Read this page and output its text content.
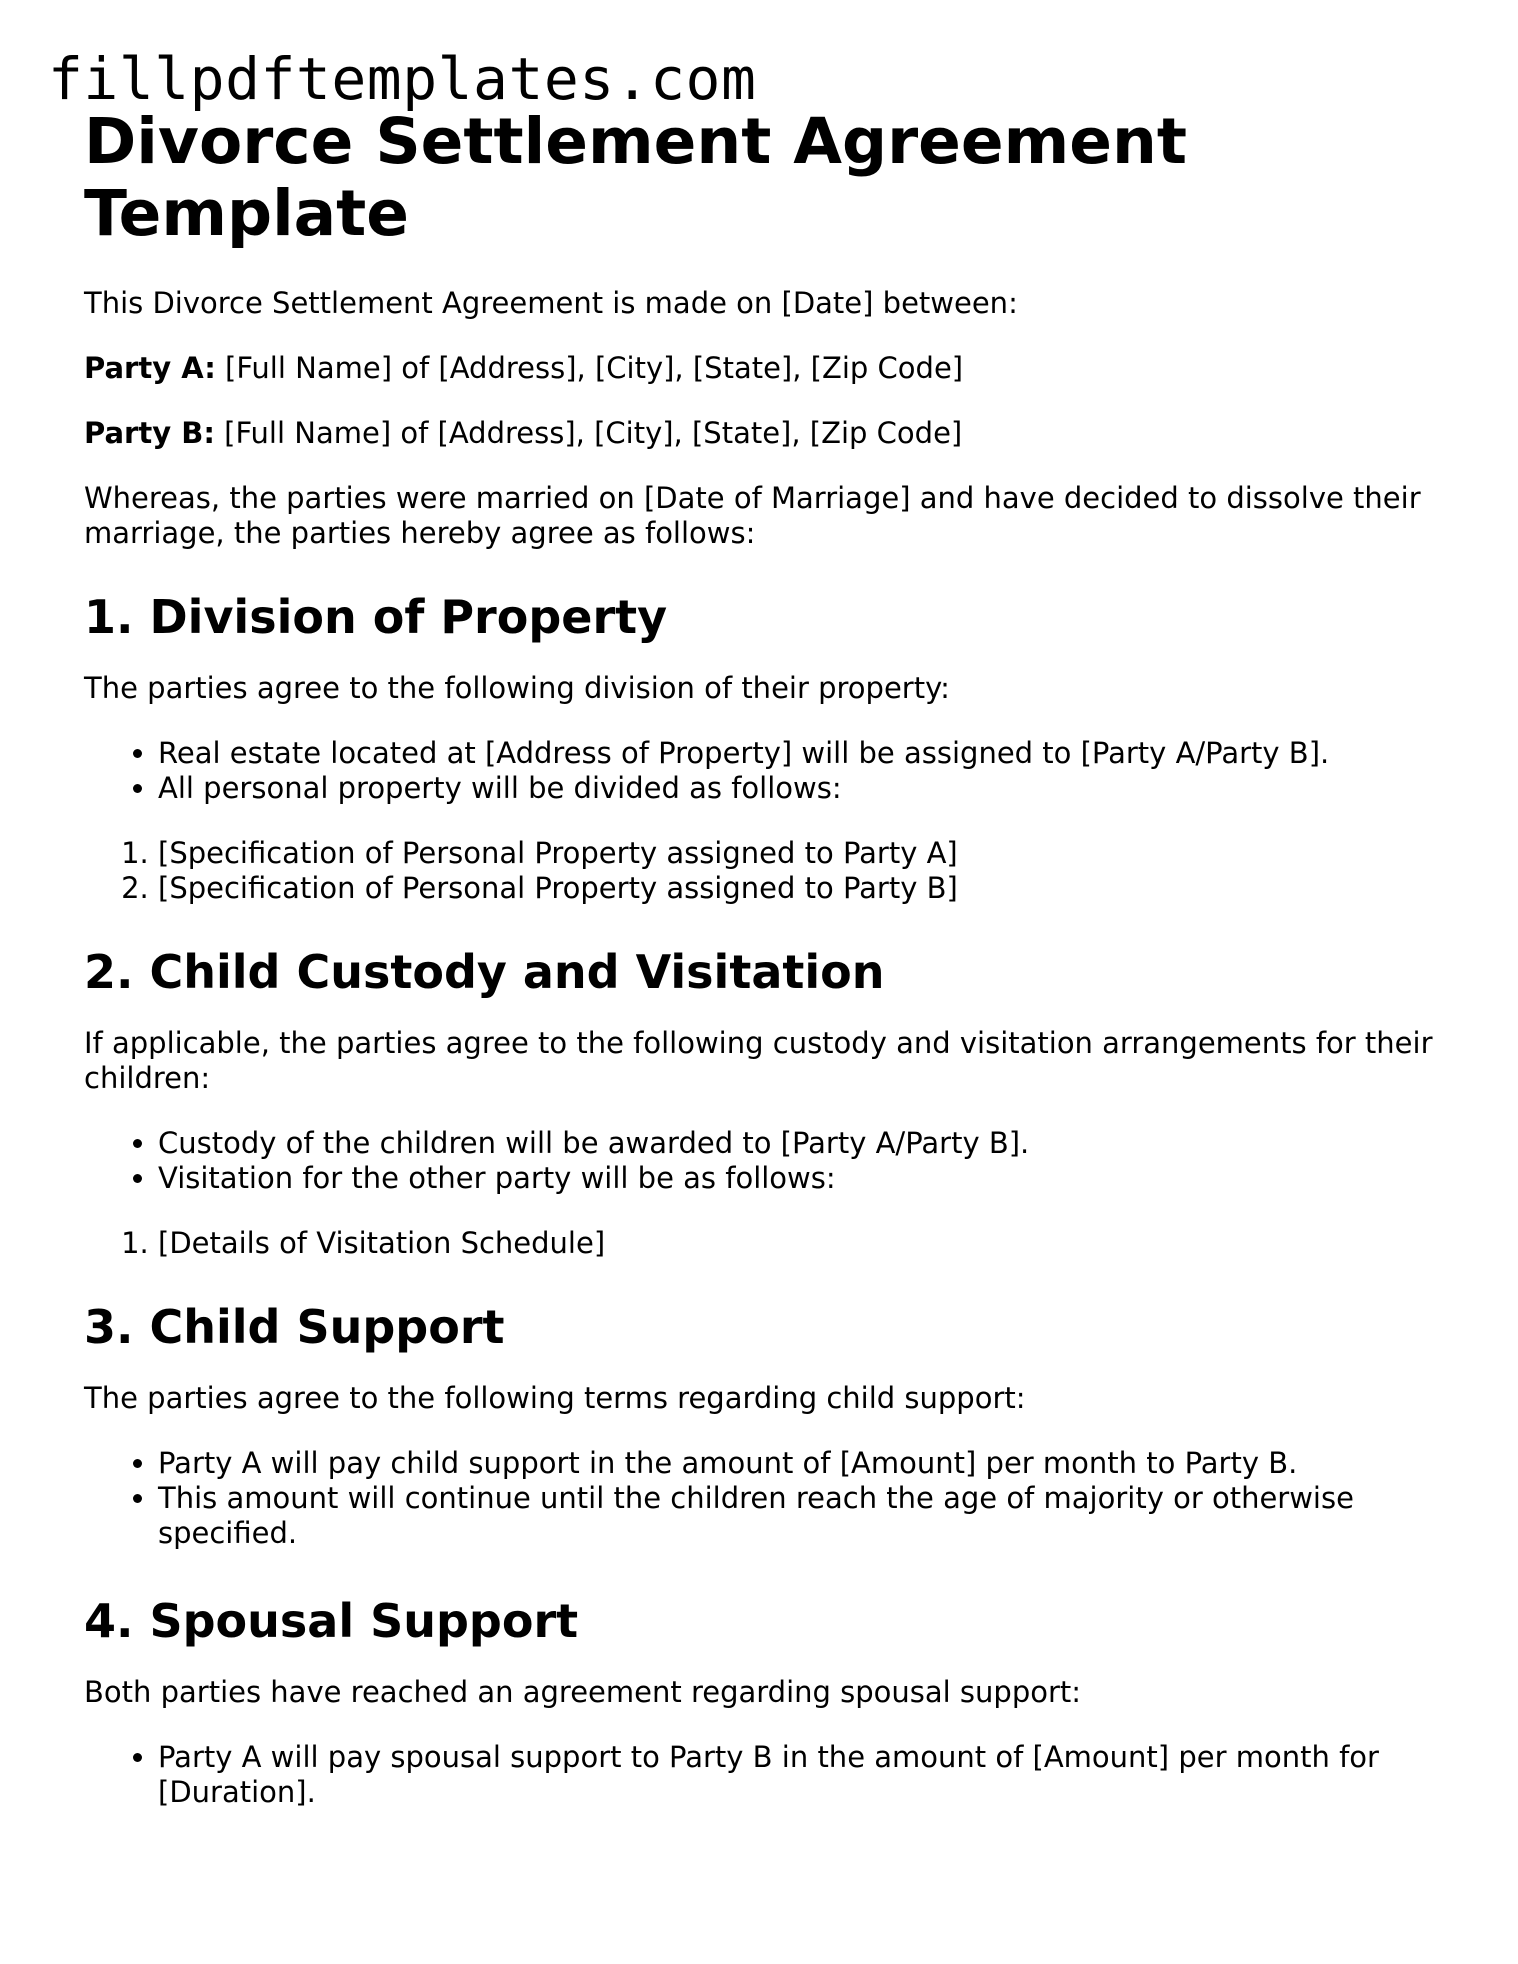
fillpdftemplates.com
Divorce Settlement Agreement Template

This Divorce Settlement Agreement is made on [Date] between:

Party A: [Full Name] of [Address], [City], [State], [Zip Code]

Party B: [Full Name] of [Address], [City], [State], [Zip Code]

Whereas, the parties were married on [Date of Marriage] and have decided to dissolve their marriage, the parties hereby agree as follows:

1. Division of Property

The parties agree to the following division of their property:

• Real estate located at [Address of Property] will be assigned to [Party A/Party B].
• All personal property will be divided as follows:
1. [Specification of Personal Property assigned to Party A]
2. [Specification of Personal Property assigned to Party B]
2. Child Custody and Visitation

If applicable, the parties agree to the following custody and visitation arrangements for their children:

• Custody of the children will be awarded to [Party A/Party B].
• Visitation for the other party will be as follows:
1. [Details of Visitation Schedule]
3. Child Support

The parties agree to the following terms regarding child support:

• Party A will pay child support in the amount of [Amount] per month to Party B.
• This amount will continue until the children reach the age of majority or otherwise specified.
4. Spousal Support

Both parties have reached an agreement regarding spousal support:

• Party A will pay spousal support to Party B in the amount of [Amount] per month for [Duration].
